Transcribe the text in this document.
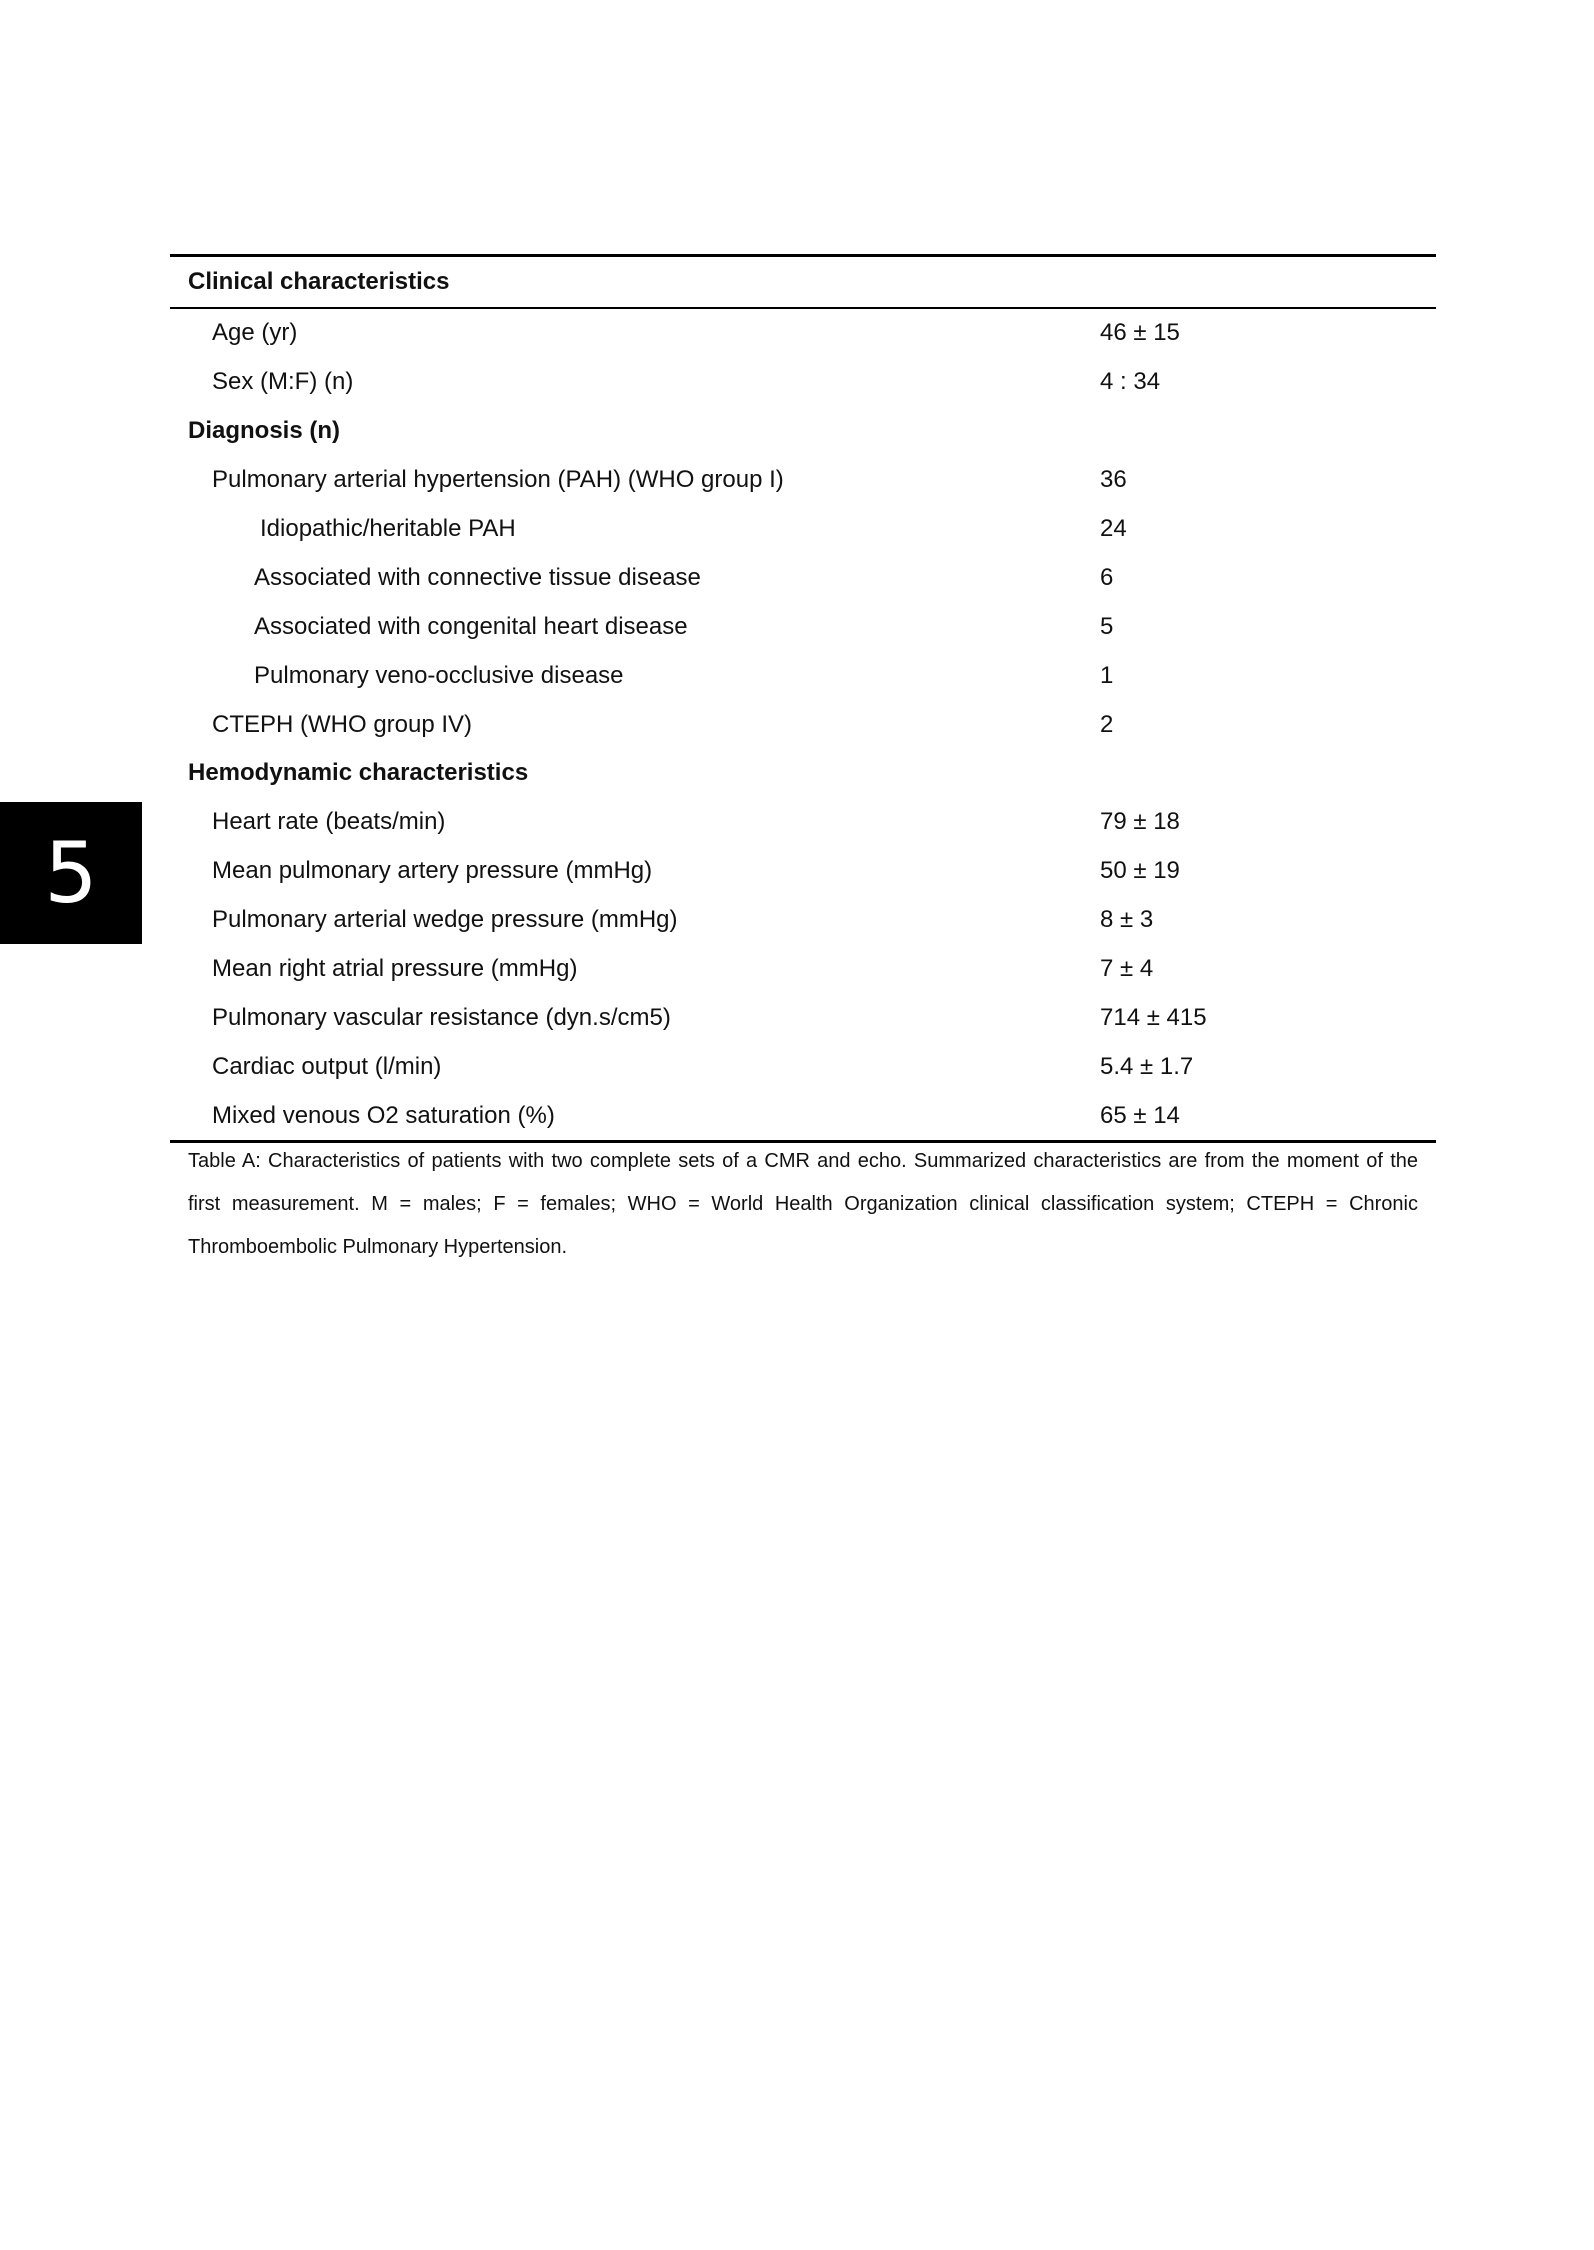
5
Clinical characteristics
Age (yr)	46 ± 15
Sex (M:F) (n)	4 : 34
Diagnosis (n)
Pulmonary arterial hypertension (PAH) (WHO group I)	36
Idiopathic/heritable PAH	24
Associated with connective tissue disease	6
Associated with congenital heart disease	5
Pulmonary veno-occlusive disease	1
CTEPH (WHO group IV)	2
Hemodynamic characteristics
Heart rate (beats/min)	79 ± 18
Mean pulmonary artery pressure (mmHg)	50 ± 19
Pulmonary arterial wedge pressure (mmHg)	8 ± 3
Mean right atrial pressure (mmHg)	7 ± 4
Pulmonary vascular resistance (dyn.s/cm5)	714 ± 415
Cardiac output (l/min)	5.4 ± 1.7
Mixed venous O2 saturation (%)	65 ± 14
Table A: Characteristics of patients with two complete sets of a CMR and echo. Summarized characteristics are from the moment of the first measurement. M = males; F = females; WHO = World Health Organization clinical classification system; CTEPH = Chronic Thromboembolic Pulmonary Hypertension.
